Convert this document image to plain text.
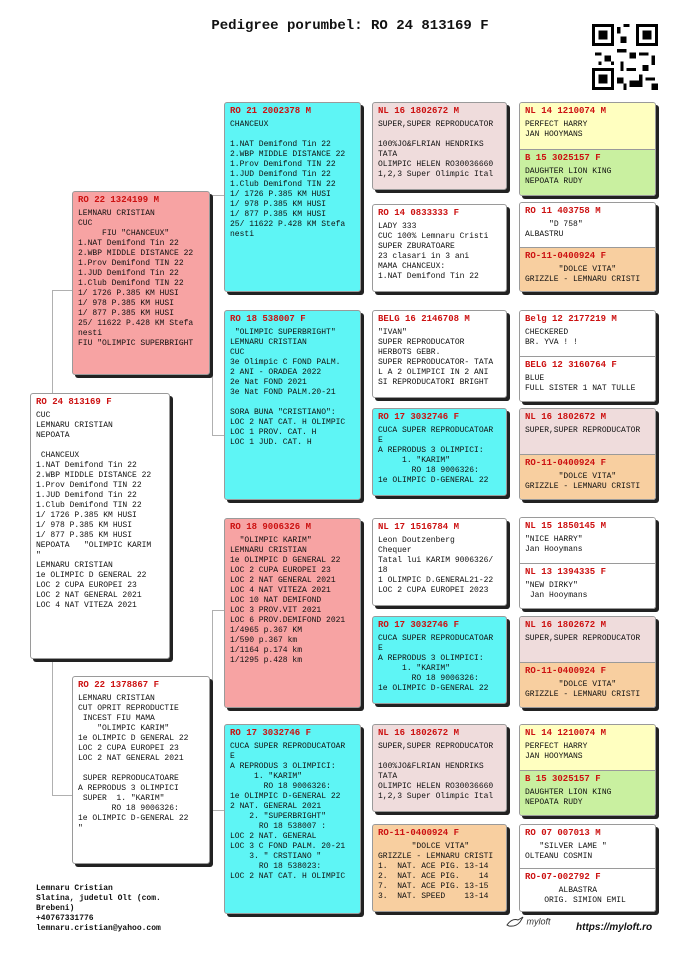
Pedigree porumbel: RO 24 813169 F
RO 24 813169 F
CUC
LEMNARU CRISTIAN
NEPOATA

CHANCEUX
1.NAT Demifond Tin 22
2.WBP MIDDLE DISTANCE 22
1.Prov Demifond TIN 22
1.JUD Demifond Tin 22
1.Club Demifond TIN 22
1/ 1726 P.385 KM HUSI
1/ 978 P.385 KM HUSI
1/ 877 P.385 KM HUSI
NEPOATA   "OLIMPIC KARIM
"
LEMNARU CRISTIAN
1e OLIMPIC D GENERAL 22
LOC 2 CUPA EUROPEI 23
LOC 2 NAT GENERAL 2021
LOC 4 NAT VITEZA 2021
RO 22 1324199 M
LEMNARU CRISTIAN
CUC
FIU "CHANCEUX"
1.NAT Demifond Tin 22
2.WBP MIDDLE DISTANCE 22
1.Prov Demifond TIN 22
1.JUD Demifond Tin 22
1.Club Demifond TIN 22
1/ 1726 P.385 KM HUSI
1/ 978 P.385 KM HUSI
1/ 877 P.385 KM HUSI
25/ 11622 P.428 KM Stefa
nesti
FIU "OLIMPIC SUPERBRIGHT
RO 22 1378867 F
LEMNARU CRISTIAN
CUT OPRIT REPRODUCTIE
INCEST FIU MAMA
"OLIMPIC KARIM"
1e OLIMPIC D GENERAL 22
LOC 2 CUPA EUROPEI 23
LOC 2 NAT GENERAL 2021

SUPER REPRODUCATOARE
A REPRODUS 3 OLIMPICI
SUPER  1. "KARIM"
RO 18 9006326:
1e OLIMPIC D-GENERAL 22
"
RO 21 2002378 M
CHANCEUX

1.NAT Demifond Tin 22
2.WBP MIDDLE DISTANCE 22
1.Prov Demifond TIN 22
1.JUD Demifond Tin 22
1.Club Demifond TIN 22
1/ 1726 P.385 KM HUSI
1/ 978 P.385 KM HUSI
1/ 877 P.385 KM HUSI
25/ 11622 P.428 KM Stefa
nesti
RO 18 538007 F
"OLIMPIC SUPERBRIGHT"
LEMNARU CRISTIAN
CUC
3e Olimpic C FOND PALM.
2 ANI - ORADEA 2022
2e Nat FOND 2021
3e Nat FOND PALM.20-21

SORA BUNA "CRISTIANO":
LOC 2 NAT CAT. H OLIMPIC
LOC 1 PROV. CAT. H
LOC 1 JUD. CAT. H
RO 18 9006326 M
"OLIMPIC KARIM"
LEMNARU CRISTIAN
1e OLIMPIC D GENERAL 22
LOC 2 CUPA EUROPEI 23
LOC 2 NAT GENERAL 2021
LOC 4 NAT VITEZA 2021
LOC 10 NAT DEMIFOND
LOC 3 PROV.VIT 2021
LOC 6 PROV.DEMIFOND 2021
1/4965 p.367 KM
1/590 p.367 km
1/1164 p.174 km
1/1295 p.428 km
RO 17 3032746 F
CUCA SUPER REPRODUCATOAR
E
A REPRODUS 3 OLIMPICI:
1. "KARIM"
RO 18 9006326:
1e OLIMPIC D-GENERAL 22
2 NAT. GENERAL 2021
2. "SUPERBRIGHT"
RO 18 538007 :
LOC 2 NAT. GENERAL
LOC 3 C FOND PALM. 20-21
3. " CRSTIANO "
RO 18 538023:
LOC 2 NAT CAT. H OLIMPIC
NL 16 1802672 M
SUPER,SUPER REPRODUCATOR

100%JO&FLRIAN HENDRIKS
TATA
OLIMPIC HELEN RO30036660
1,2,3 Super Olimpic Ital
RO 14 0833333 F
LADY 333
CUC 100% Lemnaru Cristi
SUPER ZBURATOARE
23 clasari in 3 ani
MAMA CHANCEUX:
1.NAT Demifond Tin 22
BELG 16 2146708 M
"IVAN"
SUPER REPRODUCATOR
HERBOTS GEBR.
SUPER REPRODUCATOR- TATA
L A 2 OLIMPICI IN 2 ANI
SI REPRODUCATORI BRIGHT
RO 17 3032746 F
CUCA SUPER REPRODUCATOAR
E
A REPRODUS 3 OLIMPICI:
1. "KARIM"
RO 18 9006326:
1e OLIMPIC D-GENERAL 22
NL 17 1516784 M
Leon Doutzenberg
Chequer
Tatal lui KARIM 9006326/
18
1 OLIMPIC D.GENERAL21-22
LOC 2 CUPA EUROPEI 2023
RO 17 3032746 F
CUCA SUPER REPRODUCATOAR
E
A REPRODUS 3 OLIMPICI:
1. "KARIM"
RO 18 9006326:
1e OLIMPIC D-GENERAL 22
NL 16 1802672 M
SUPER,SUPER REPRODUCATOR

100%JO&FLRIAN HENDRIKS
TATA
OLIMPIC HELEN RO30036660
1,2,3 Super Olimpic Ital
RO-11-0400924 F
"DOLCE VITA"
GRIZZLE - LEMNARU CRISTI
1.  NAT. ACE PIG. 13-14
2.  NAT. ACE PIG.    14
7.  NAT. ACE PIG. 13-15
3.  NAT. SPEED    13-14
NL 14 1210074 M
PERFECT HARRY
JAN HOOYMANS
B 15 3025157 F
DAUGHTER LION KING
NEPOATA RUDY
RO 11 403758 M
"D 758"
ALBASTRU
RO-11-0400924 F
"DOLCE VITA"
GRIZZLE - LEMNARU CRISTI
Belg 12 2177219 M
CHECKERED
BR. YVA ! !
BELG 12 3160764 F
BLUE
FULL SISTER 1 NAT TULLE
NL 16 1802672 M
SUPER,SUPER REPRODUCATOR
RO-11-0400924 F
"DOLCE VITA"
GRIZZLE - LEMNARU CRISTI
NL 15 1850145 M
"NICE HARRY"
Jan Hooymans
NL 13 1394335 F
"NEW DIRKY"
Jan Hooymans
NL 16 1802672 M
SUPER,SUPER REPRODUCATOR
RO-11-0400924 F
"DOLCE VITA"
GRIZZLE - LEMNARU CRISTI
NL 14 1210074 M
PERFECT HARRY
JAN HOOYMANS
B 15 3025157 F
DAUGHTER LION KING
NEPOATA RUDY
RO 07 007013 M
"SILVER LAME "
OLTEANU COSMIN
RO-07-002792 F
ALBASTRA
ORIG. SIMION EMIL
Lemnaru Cristian
Slatina, judetul Olt (com.
Brebeni)
+40767331776
lemnaru.cristian@yahoo.com
myloft
https://myloft.ro
